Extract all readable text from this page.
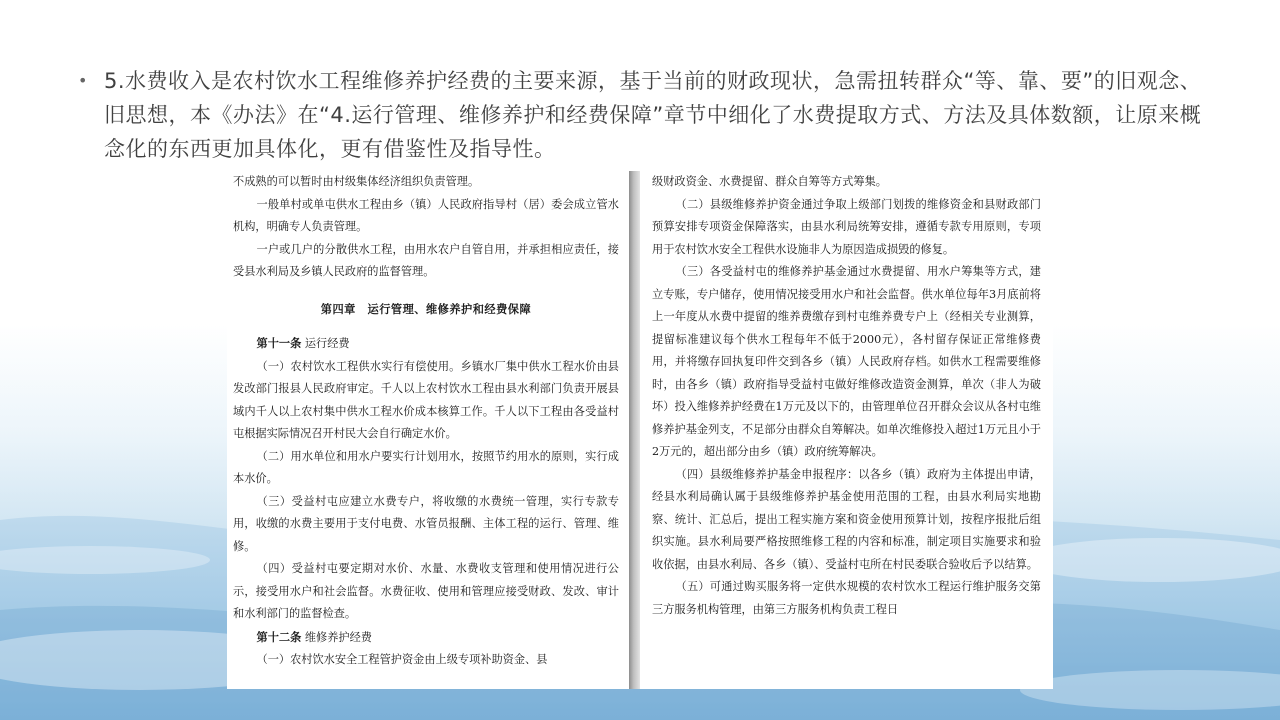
• 5.水费收入是农村饮水工程维修养护经费的主要来源，基于当前的财政现状，急需扭转群众“等、靠、要”的旧观念、旧思想，本《办法》在“4.运行管理、维修养护和经费保障”章节中细化了水费提取方式、方法及具体数额，让原来概念化的东西更加具体化，更有借鉴性及指导性。

不成熟的可以暂时由村级集体经济组织负责管理。

一般单村或单屯供水工程由乡（镇）人民政府指导村（居）委会成立管水机构，明确专人负责管理。

一户或几户的分散供水工程，由用水农户自管自用，并承担相应责任，接受县水利局及乡镇人民政府的监督管理。

第四章　运行管理、维修养护和经费保障

第十一条 运行经费

（一）农村饮水工程供水实行有偿使用。乡镇水厂集中供水工程水价由县发改部门报县人民政府审定。千人以上农村饮水工程由县水利部门负责开展县域内千人以上农村集中供水工程水价成本核算工作。千人以下工程由各受益村屯根据实际情况召开村民大会自行确定水价。

（二）用水单位和用水户要实行计划用水，按照节约用水的原则，实行成本水价。

（三）受益村屯应建立水费专户，将收缴的水费统一管理，实行专款专用，收缴的水费主要用于支付电费、水管员报酬、主体工程的运行、管理、维修。

（四）受益村屯要定期对水价、水量、水费收支管理和使用情况进行公示，接受用水户和社会监督。水费征收、使用和管理应接受财政、发改、审计和水利部门的监督检查。

第十二条 维修养护经费

（一）农村饮水安全工程管护资金由上级专项补助资金、县

级财政资金、水费提留、群众自筹等方式筹集。

（二）县级维修养护资金通过争取上级部门划拨的维修资金和县财政部门预算安排专项资金保障落实，由县水利局统筹安排，遵循专款专用原则，专项用于农村饮水安全工程供水设施非人为原因造成损毁的修复。

（三）各受益村屯的维修养护基金通过水费提留、用水户筹集等方式，建立专账，专户储存，使用情况接受用水户和社会监督。供水单位每年3月底前将上一年度从水费中提留的维养费缴存到村屯维养费专户上（经相关专业测算，提留标准建议每个供水工程每年不低于2000元），各村留存保证正常维修费用，并将缴存回执复印件交到各乡（镇）人民政府存档。如供水工程需要维修时，由各乡（镇）政府指导受益村屯做好维修改造资金测算，单次（非人为破坏）投入维修养护经费在1万元及以下的，由管理单位召开群众会议从各村屯维修养护基金列支，不足部分由群众自筹解决。如单次维修投入超过1万元且小于2万元的，超出部分由乡（镇）政府统筹解决。

（四）县级维修养护基金申报程序：以各乡（镇）政府为主体提出申请，经县水利局确认属于县级维修养护基金使用范围的工程，由县水利局实地勘察、统计、汇总后，提出工程实施方案和资金使用预算计划，按程序报批后组织实施。县水利局要严格按照维修工程的内容和标准，制定项目实施要求和验收依据，由县水利局、各乡（镇）、受益村屯所在村民委联合验收后予以结算。

（五）可通过购买服务将一定供水规模的农村饮水工程运行维护服务交第三方服务机构管理，由第三方服务机构负责工程日
